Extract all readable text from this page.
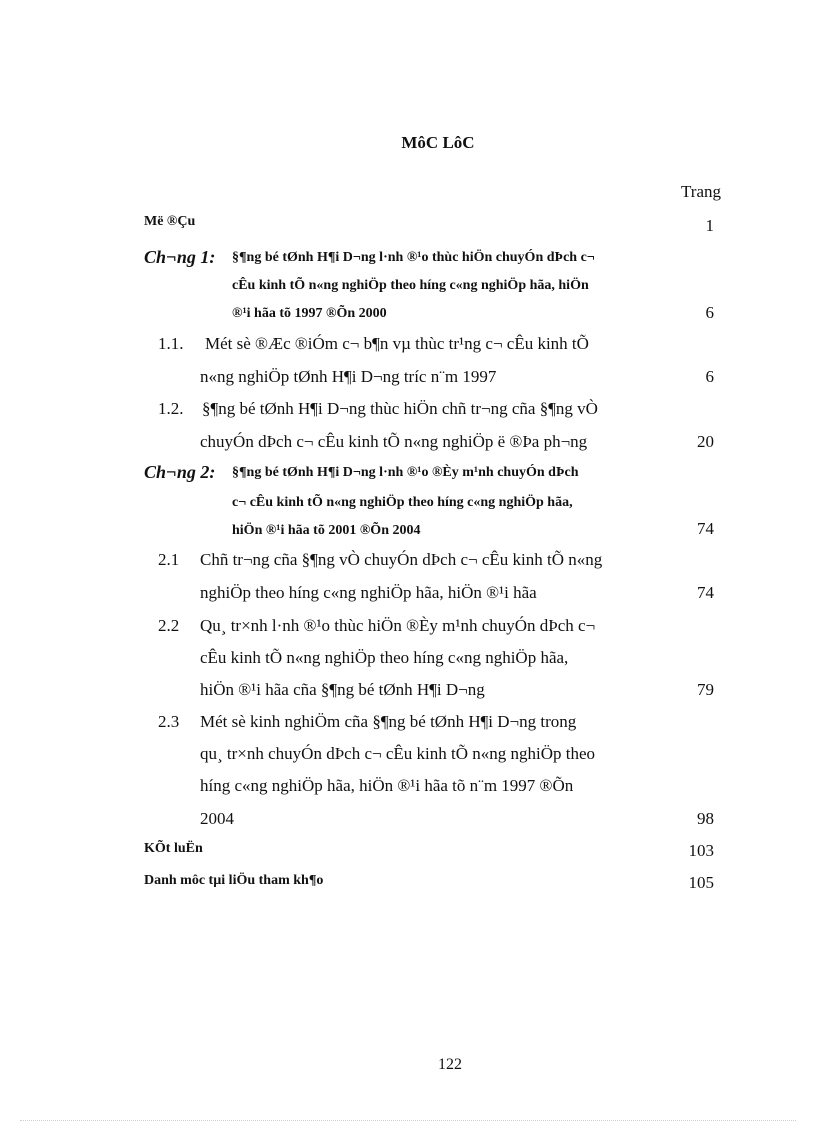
MôC LôC
Trang
Më ®Çu	1
Ch¬ng 1: §¶ng bé tØnh H¶i D¬ng l·nh ®¹o thùc hiÖn chuyÓn dÞch c¬
cÊu kinh tÕ n«ng nghiÖp theo híng c«ng nghiÖp hãa, hiÖn
®¹i hãa tõ 1997 ®Õn 2000	6
1.1. Mét sè ®Æc ®iÓm c¬ b¶n vµ thùc tr¹ng c¬ cÊu kinh tÕ
n«ng nghiÖp tØnh H¶i D¬ng tríc n¨m 1997	6
1.2. §¶ng bé tØnh H¶i D¬ng thùc hiÖn chñ tr¬ng cña §¶ng vÒ
chuyÓn dÞch c¬ cÊu kinh tÕ n«ng nghiÖp ë ®Þa ph¬ng	20
Ch¬ng 2: §¶ng bé tØnh H¶i D¬ng l·nh ®¹o ®Èy m¹nh chuyÓn dÞch
c¬ cÊu kinh tÕ n«ng nghiÖp theo híng c«ng nghiÖp hãa,
hiÖn ®¹i hãa tõ 2001 ®Õn 2004	74
2.1 Chñ tr¬ng cña §¶ng vÒ chuyÓn dÞch c¬ cÊu kinh tÕ n«ng
nghiÖp theo híng c«ng nghiÖp hãa, hiÖn ®¹i hãa	74
2.2 Qu¸ tr×nh l·nh ®¹o thùc hiÖn ®Èy m¹nh chuyÓn dÞch c¬
cÊu kinh tÕ n«ng nghiÖp theo híng c«ng nghiÖp hãa,
hiÖn ®¹i hãa cña §¶ng bé tØnh H¶i D¬ng	79
2.3 Mét sè kinh nghiÖm cña §¶ng bé tØnh H¶i D¬ng trong
qu¸ tr×nh chuyÓn dÞch c¬ cÊu kinh tÕ n«ng nghiÖp theo
híng c«ng nghiÖp hãa, hiÖn ®¹i hãa tõ n¨m 1997 ®Õn
2004	98
KÕt luËn	103
Danh môc tµi liÖu tham kh¶o	105
122
